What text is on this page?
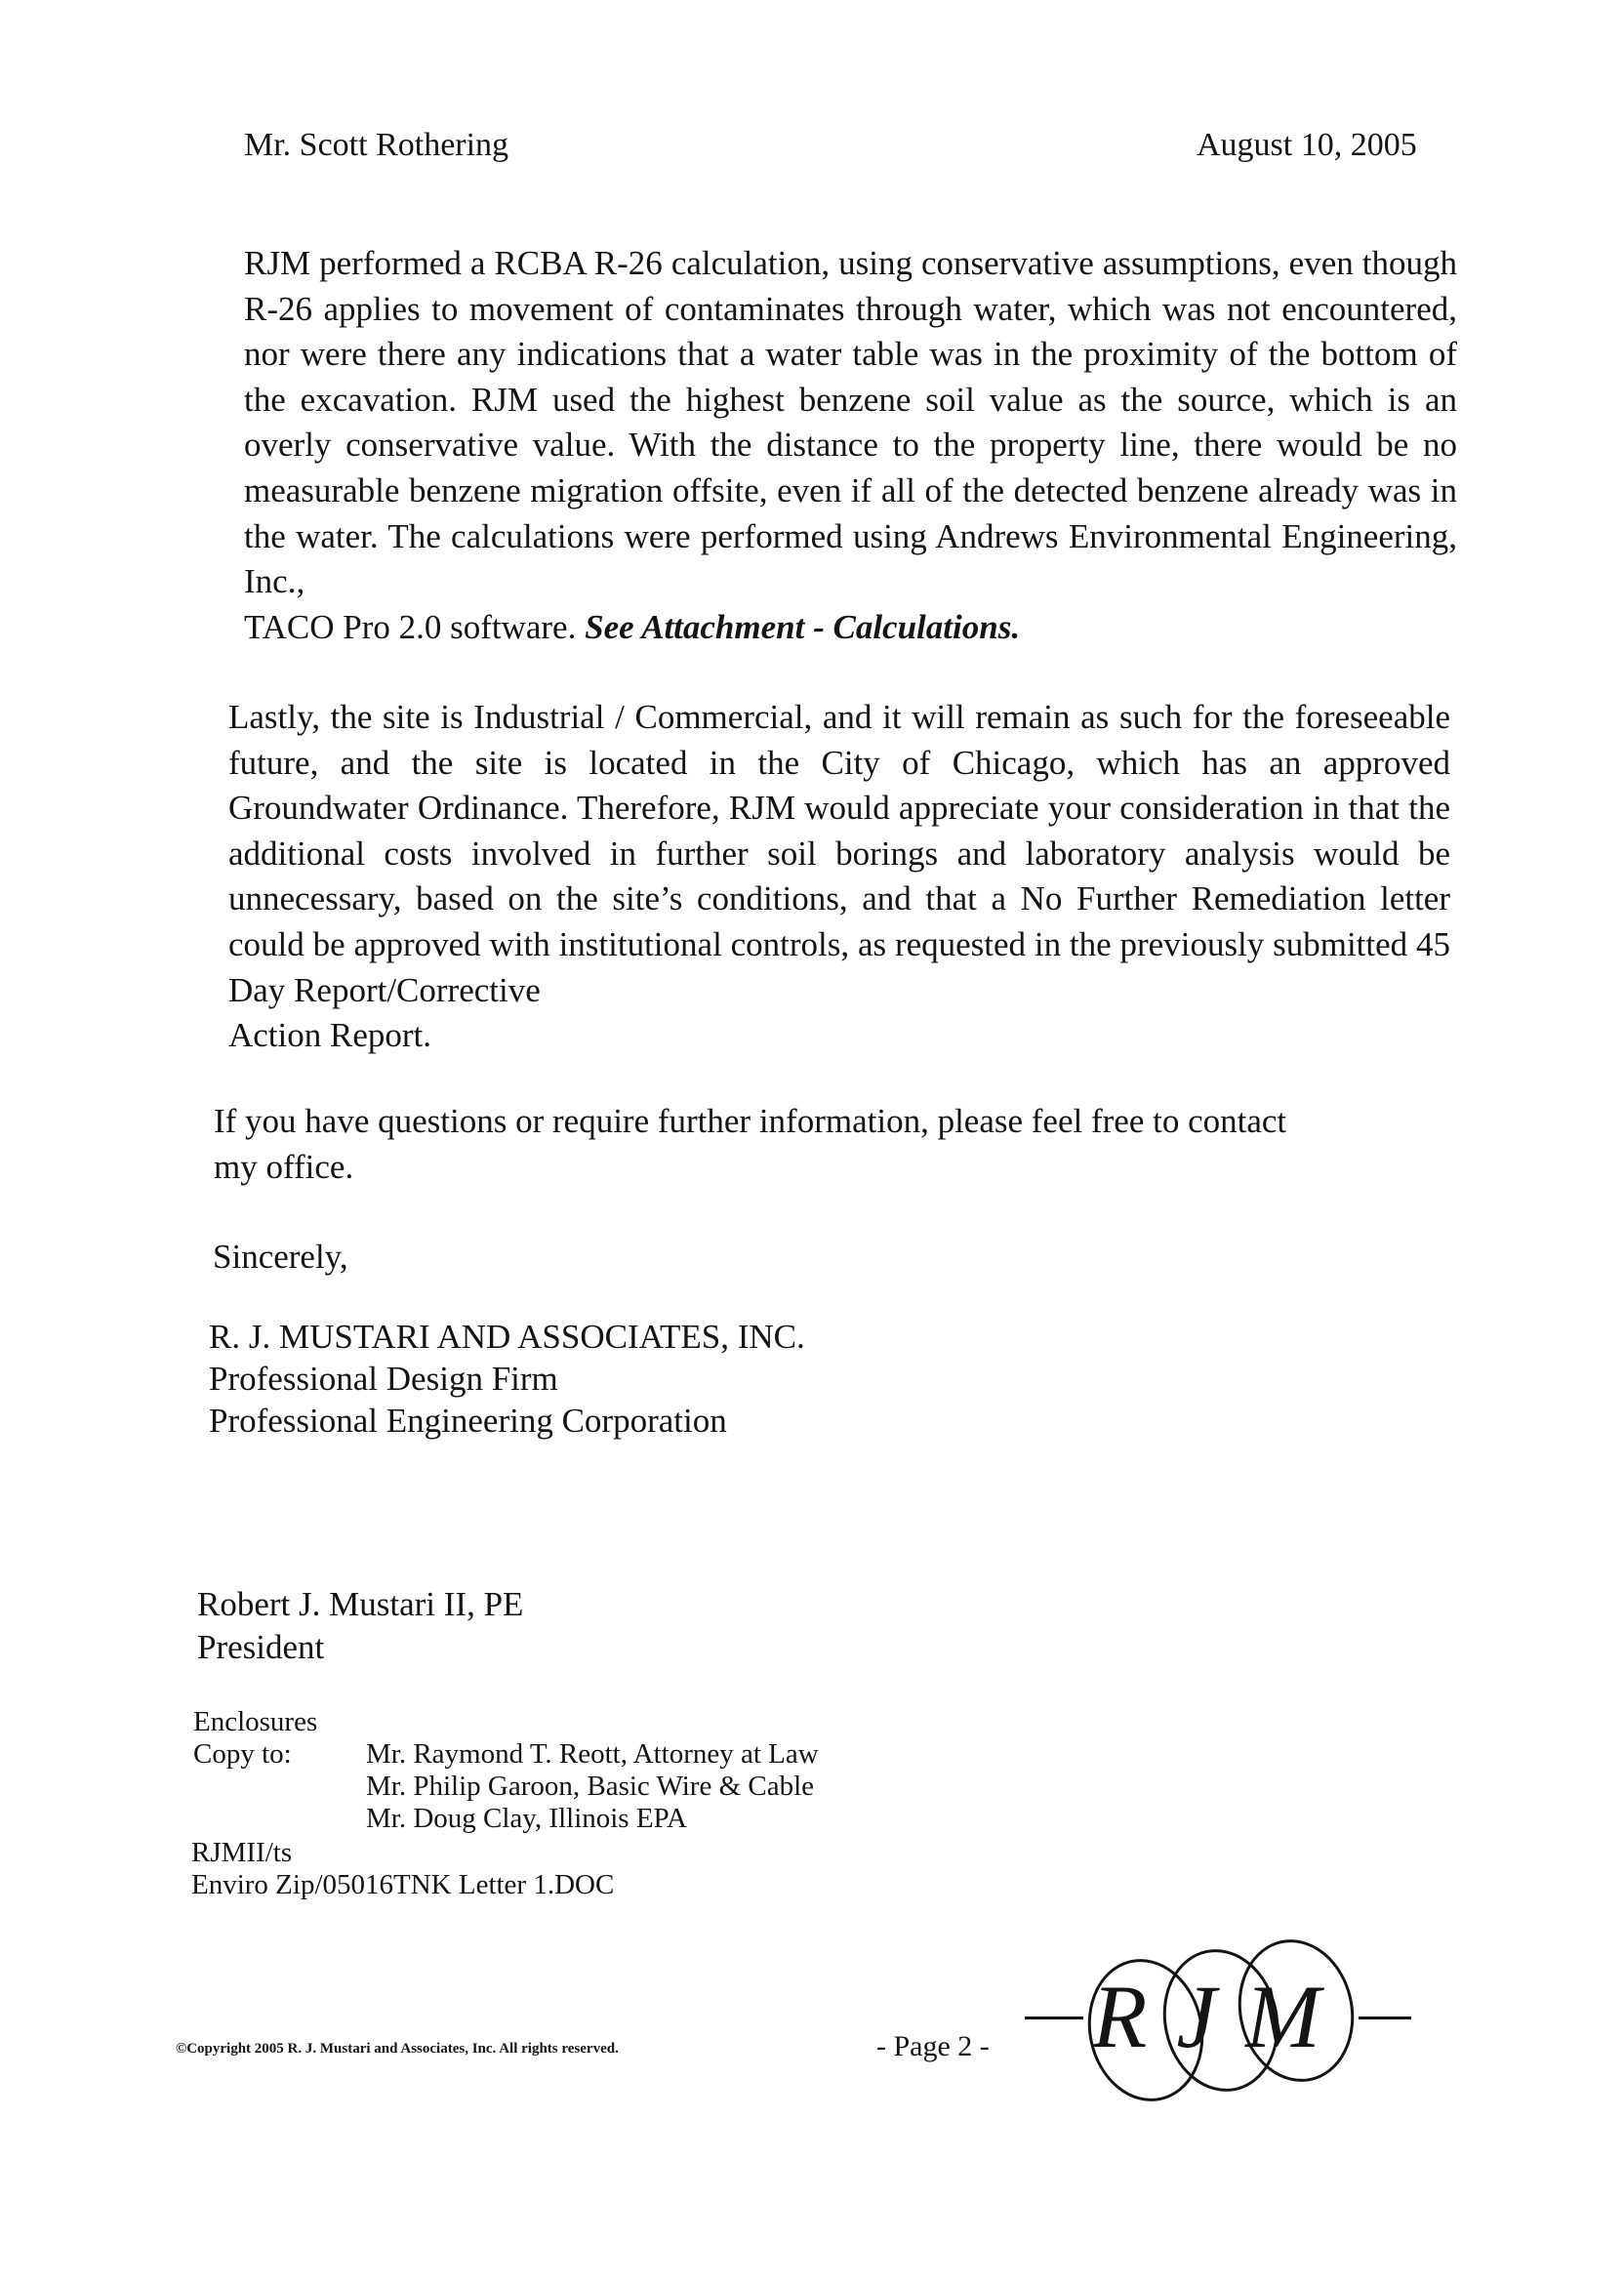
Mr. Scott Rothering	August 10, 2005
RJM performed a RCBA R-26 calculation, using conservative assumptions, even though R-26 applies to movement of contaminates through water, which was not encountered, nor were there any indications that a water table was in the proximity of the bottom of the excavation. RJM used the highest benzene soil value as the source, which is an overly conservative value. With the distance to the property line, there would be no measurable benzene migration offsite, even if all of the detected benzene already was in the water. The calculations were performed using Andrews Environmental Engineering, Inc.,
TACO Pro 2.0 software. See Attachment - Calculations.
Lastly, the site is Industrial / Commercial, and it will remain as such for the foreseeable future, and the site is located in the City of Chicago, which has an approved Groundwater Ordinance. Therefore, RJM would appreciate your consideration in that the additional costs involved in further soil borings and laboratory analysis would be unnecessary, based on the site’s conditions, and that a No Further Remediation letter could be approved with institutional controls, as requested in the previously submitted 45 Day Report/Corrective
Action Report.
If you have questions or require further information, please feel free to contact
my office.
Sincerely,
R. J. MUSTARI AND ASSOCIATES, INC.
Professional Design Firm
Professional Engineering Corporation
Robert J. Mustari II, PE
President
Enclosures
Copy to:	Mr. Raymond T. Reott, Attorney at Law
Mr. Philip Garoon, Basic Wire & Cable
Mr. Doug Clay, Illinois EPA
RJMII/ts
Enviro Zip/05016TNK Letter 1.DOC
©Copyright 2005 R. J. Mustari and Associates, Inc. All rights reserved.	- Page 2 - RJM
